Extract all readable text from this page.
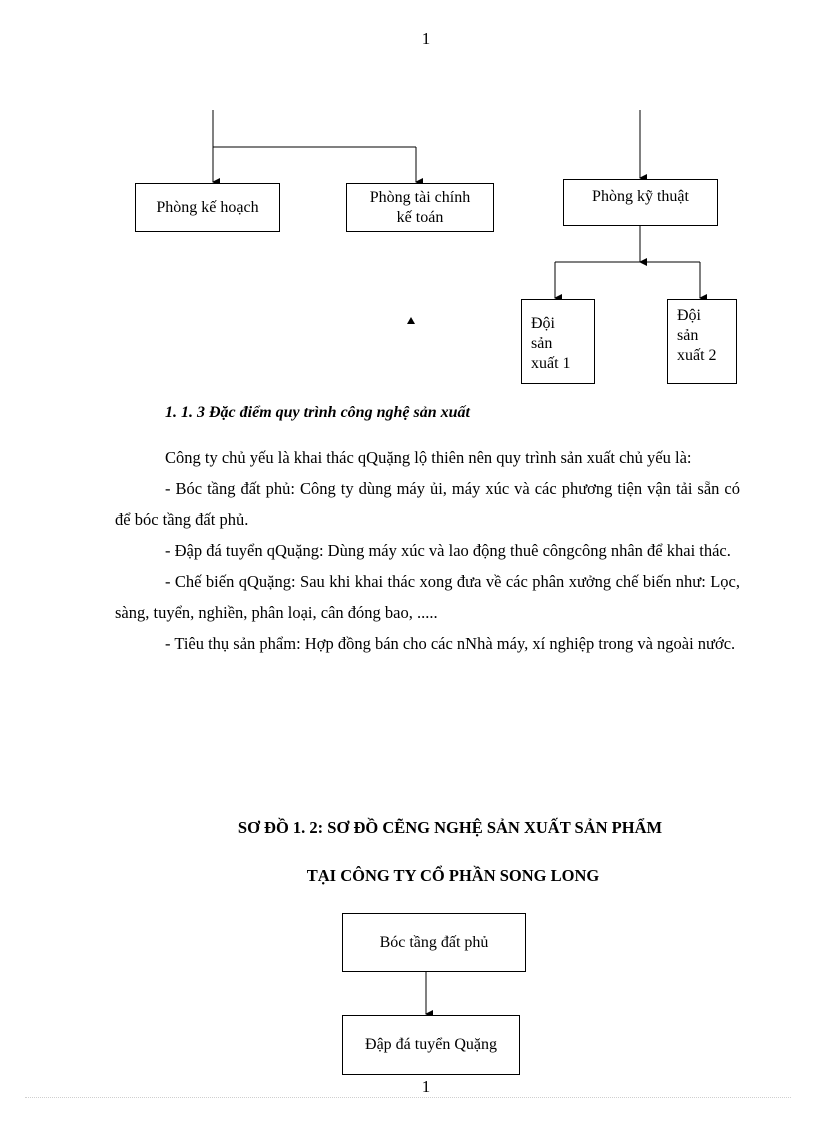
1
Phòng kế hoạch
Phòng tài chính
kế toán
Phòng kỹ thuật
Đội
sản
xuất 1
Đội
sản
xuất 2
1. 1. 3 Đặc điểm quy trình công nghệ sản xuất

Công ty chủ yếu là khai thác qQuặng lộ thiên nên quy trình sản xuất chủ yếu là:

- Bóc tầng đất phủ: Công ty dùng máy ủi, máy xúc và các phương tiện vận tải sẵn có để bóc tầng đất phủ.

- Đập đá tuyển qQuặng: Dùng máy xúc và lao động thuê côngcông nhân để khai thác.

- Chế biến qQuặng: Sau khi khai thác xong đưa về các phân xưởng chế biến như: Lọc, sàng, tuyển, nghiền, phân loại, cân đóng bao, .....

- Tiêu thụ sản phẩm: Hợp đồng bán cho các nNhà máy, xí nghiệp trong và ngoài nước.

SƠ ĐỒ 1. 2: SƠ ĐỒ CẼNG NGHỆ SẢN XUẤT SẢN PHẨM
TẠI CÔNG TY CỔ PHẦN SONG LONG
Bóc tầng đất phủ
Đập đá tuyển Quặng
1
